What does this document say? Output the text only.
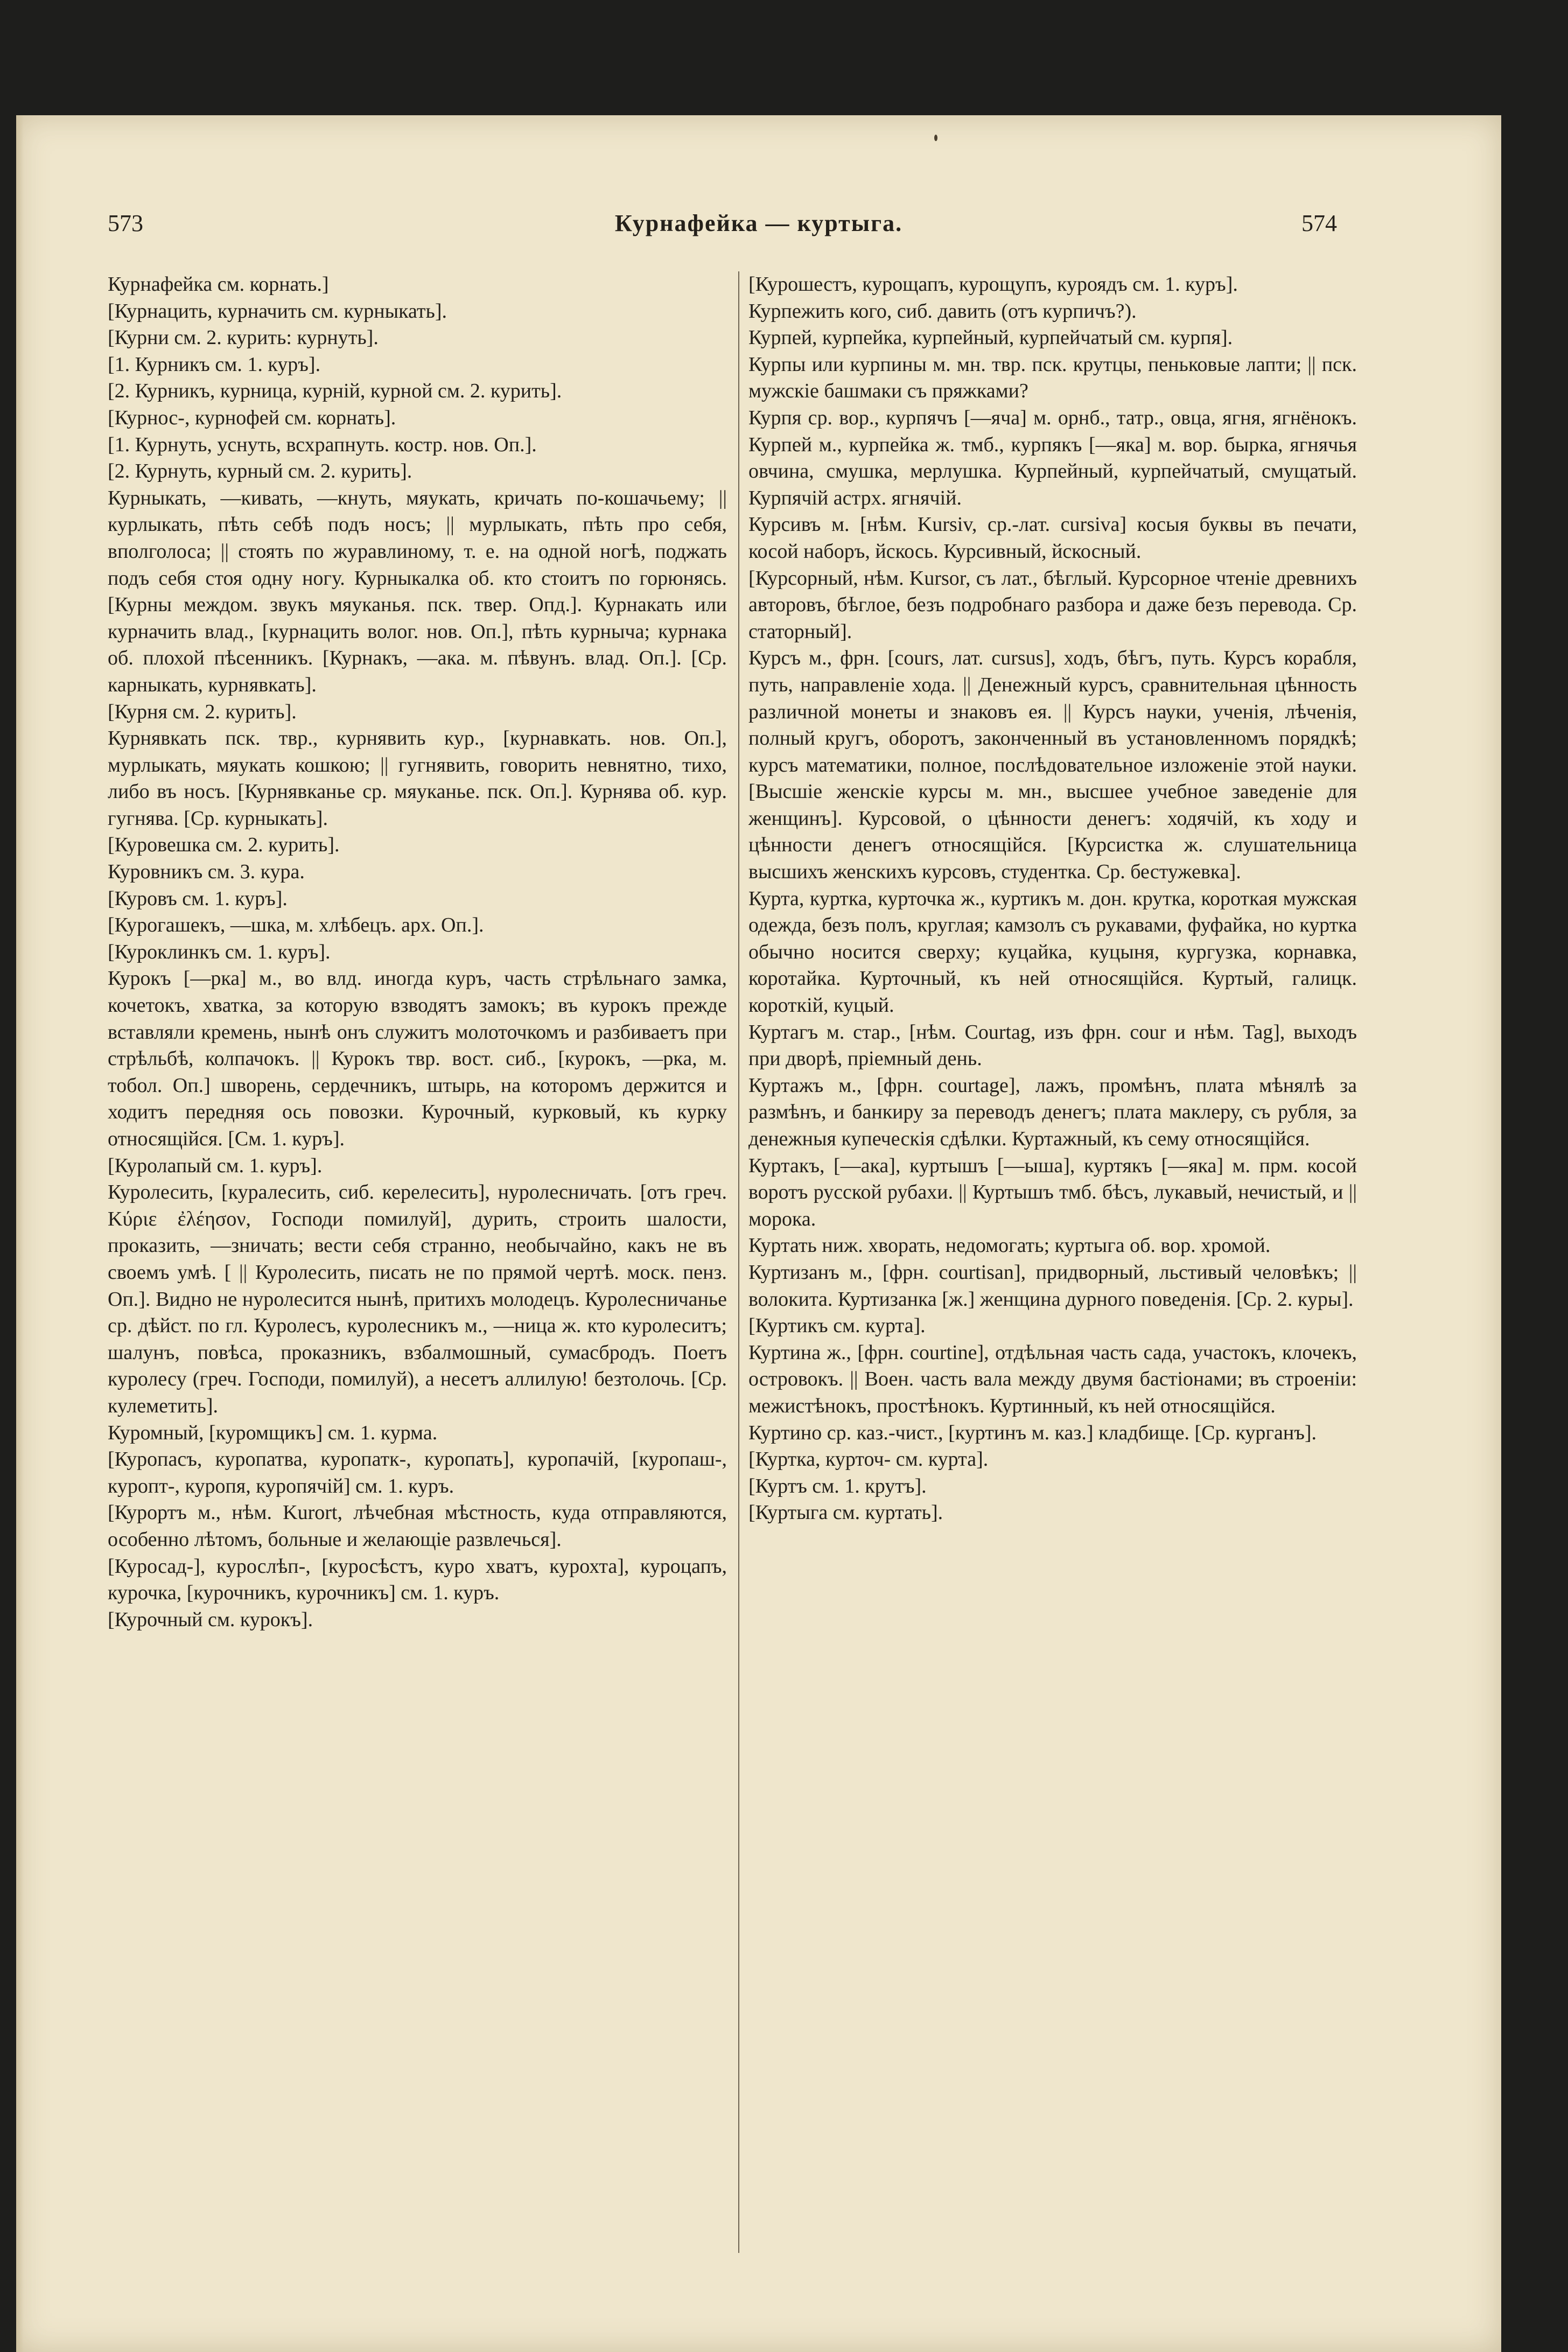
573	Курнафейка — куртыга.	574

Курнафейка см. корнать.]

[Курнацить, курначить см. курныкать].

[Курни см. 2. курить: курнуть].

[1. Курникъ см. 1. куръ].

[2. Курникъ, курница, курній, курной см. 2. курить].

[Курнос-, курнофей см. корнать].

[1. Курнуть, уснуть, всхрапнуть. костр. нов. Оп.].

[2. Курнуть, курный см. 2. курить].

Курныкать, —кивать, —кнуть, мяукать, кричать по-кошачьему; || курлыкать, пѣть себѣ подъ носъ; || мурлыкать, пѣть про себя, вполголоса; || стоять по журавлиному, т. е. на одной ногѣ, поджать подъ себя стоя одну ногу. Курныкалка об. кто стоитъ по горюнясь. [Курны междом. звукъ мяуканья. пск. твер. Опд.]. Курнакать или курначить влад., [курнацить волог. нов. Оп.], пѣть курныча; курнака об. плохой пѣсенникъ. [Курнакъ, —ака. м. пѣвунъ. влад. Оп.]. [Ср. карныкать, курнявкать].

[Курня см. 2. курить].

Курнявкать пск. твр., курнявить кур., [курнавкать. нов. Оп.], мурлыкать, мяукать кошкою; || гугнявить, говорить невнятно, тихо, либо въ носъ. [Курнявканье ср. мяуканье. пск. Оп.]. Курнява об. кур. гугнява. [Ср. курныкать].

[Куровешка см. 2. курить].

Куровникъ см. 3. кура.

[Куровъ см. 1. куръ].

[Курогашекъ, —шка, м. хлѣбецъ. арх. Оп.].

[Куроклинкъ см. 1. куръ].

Курокъ [—рка] м., во влд. иногда куръ, часть стрѣльнаго замка, кочетокъ, хватка, за которую взводятъ замокъ; въ курокъ прежде вставляли кремень, нынѣ онъ служитъ молоточкомъ и разбиваетъ при стрѣльбѣ, колпачокъ. || Курокъ твр. вост. сиб., [курокъ, —рка, м. тобол. Оп.] шворень, сердечникъ, штырь, на которомъ держится и ходитъ передняя ось повозки. Курочный, курковый, къ курку относящійся. [См. 1. куръ].

[Куролапый см. 1. куръ].

Куролесить, [куралесить, сиб. керелесить], нуролесничать. [отъ греч. Κύριε ἐλέησον, Господи помилуй], дурить, строить шалости, проказить, —зничать; вести себя странно, необычайно, какъ не въ своемъ умѣ. [ || Куролесить, писать не по прямой чертѣ. моск. пенз. Оп.]. Видно не нуролесится нынѣ, притихъ молодецъ. Куролесничанье ср. дѣйст. по гл. Куролесъ, куролесникъ м., —ница ж. кто куролеситъ; шалунъ, повѣса, проказникъ, взбалмошный, сумасбродъ. Поетъ куролесу (греч. Господи, помилуй), а несетъ аллилую! безтолочь. [Ср. кулеметить].

Куромный, [куромщикъ] см. 1. курма.

[Куропасъ, куропатва, куропатк-, куропать], куропачій, [куропаш-, куропт-, куропя, куропячій] см. 1. куръ.

[Курортъ м., нѣм. Kurort, лѣчебная мѣстность, куда отправляются, особенно лѣтомъ, больные и желающіе развлечься].

[Куросад-], курослѣп-, [куросѣстъ, куро хватъ, курохта], куроцапъ, курочка, [курочникъ, курочникъ] см. 1. куръ.

[Курочный см. курокъ].

[Курошестъ, курощапъ, курощупъ, куроядъ см. 1. куръ].

Курпежить кого, сиб. давить (отъ курпичъ?).

Курпей, курпейка, курпейный, курпейчатый см. курпя].

Курпы или курпины м. мн. твр. пск. крутцы, пеньковые лапти; || пск. мужскіе башмаки съ пряжками?

Курпя ср. вор., курпячъ [—яча] м. орнб., татр., овца, ягня, ягнёнокъ. Курпей м., курпейка ж. тмб., курпякъ [—яка] м. вор. бырка, ягнячья овчина, смушка, мерлушка. Курпейный, курпейчатый, смущатый. Курпячій астрх. ягнячій.

Курсивъ м. [нѣм. Kursiv, ср.-лат. cursiva] косыя буквы въ печати, косой наборъ, йскось. Курсивный, йскосный.

[Курсорный, нѣм. Kursor, съ лат., бѣглый. Курсорное чтеніе древнихъ авторовъ, бѣглое, безъ подробнаго разбора и даже безъ перевода. Ср. статорный].

Курсъ м., фрн. [cours, лат. cursus], ходъ, бѣгъ, путь. Курсъ корабля, путь, направленіе хода. || Денежный курсъ, сравнительная цѣнность различной монеты и знаковъ ея. || Курсъ науки, ученія, лѣченія, полный кругъ, оборотъ, законченный въ установленномъ порядкѣ; курсъ математики, полное, послѣдовательное изложеніе этой науки. [Высшіе женскіе курсы м. мн., высшее учебное заведеніе для женщинъ]. Курсовой, о цѣнности денегъ: ходячій, къ ходу и цѣнности денегъ относящійся. [Курсистка ж. слушательница высшихъ женскихъ курсовъ, студентка. Ср. бестужевка].

Курта, куртка, курточка ж., куртикъ м. дон. крутка, короткая мужская одежда, безъ полъ, круглая; камзолъ съ рукавами, фуфайка, но куртка обычно носится сверху; куцайка, куцыня, кургузка, корнавка, коротайка. Курточный, къ ней относящійся. Куртый, галицк. короткій, куцый.

Куртагъ м. стар., [нѣм. Courtag, изъ фрн. cour и нѣм. Tag], выходъ при дворѣ, пріемный день.

Куртажъ м., [фрн. courtage], лажъ, промѣнъ, плата мѣнялѣ за размѣнъ, и банкиру за переводъ денегъ; плата маклеру, съ рубля, за денежныя купеческія сдѣлки. Куртажный, къ сему относящійся.

Куртакъ, [—ака], куртышъ [—ыша], куртякъ [—яка] м. прм. косой воротъ русской рубахи. || Куртышъ тмб. бѣсъ, лукавый, нечистый, и || морока.

Куртать ниж. хворать, недомогать; куртыга об. вор. хромой.

Куртизанъ м., [фрн. courtisan], придворный, льстивый человѣкъ; || волокита. Куртизанка [ж.] женщина дурного поведенія. [Ср. 2. куры].

[Куртикъ см. курта].

Куртина ж., [фрн. courtine], отдѣльная часть сада, участокъ, клочекъ, островокъ. || Воен. часть вала между двумя бастіонами; въ строеніи: межистѣнокъ, простѣнокъ. Куртинный, къ ней относящійся.

Куртино ср. каз.-чист., [куртинъ м. каз.] кладбище. [Ср. курганъ].

[Куртка, курточ- см. курта].

[Куртъ см. 1. крутъ].

[Куртыга см. куртать].
